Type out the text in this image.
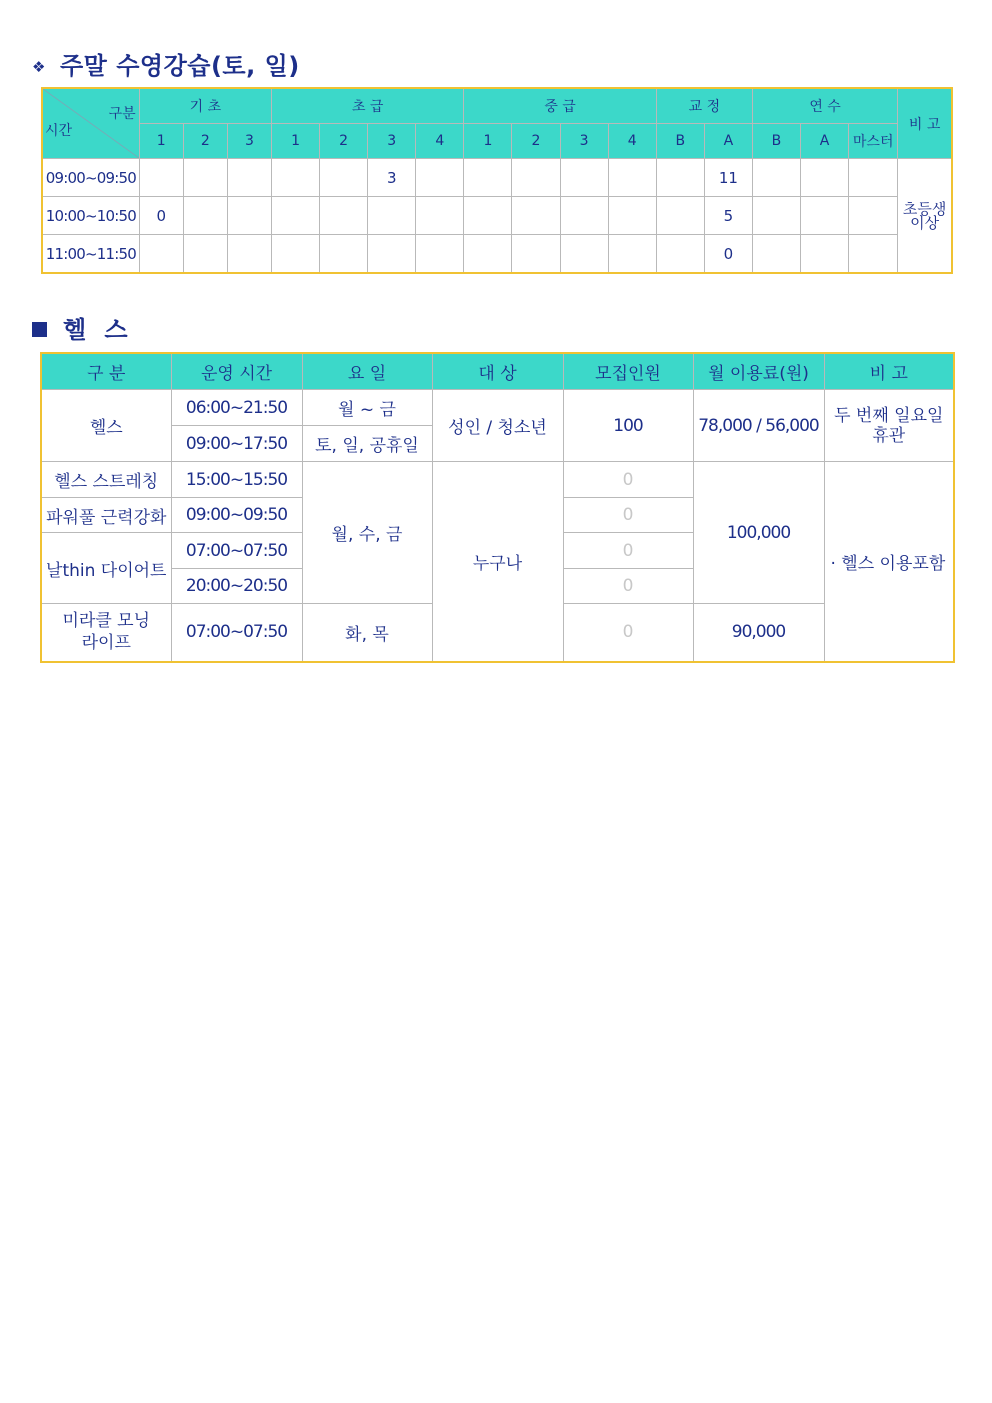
❖ 주말 수영강습(토, 일)
구분
시간	기 초			초 급				중 급				교 정		연 수			비 고
	1	2	3	1	2	3	4	1	2	3	4	B	A	B	A	마스터	
09:00~09:50						3							11				초등생
이상
10:00~10:50	0												5				
11:00~11:50													0				
헬  스
구 분	운영 시간	요 일	대 상	모집인원	월 이용료(원)	비 고
헬스	06:00~21:50	월 ~ 금	성인 / 청소년	100	78,000 / 56,000	두 번째 일요일
휴관
	09:00~17:50	토, 일, 공휴일				
헬스 스트레칭	15:00~15:50	월, 수, 금	누구나	0	100,000	· 헬스 이용포함
파워풀 근력강화	09:00~09:50			0		
날thin 다이어트	07:00~07:50			0		
	20:00~20:50			0		
미라클 모닝
라이프	07:00~07:50	화, 목		0	90,000	
